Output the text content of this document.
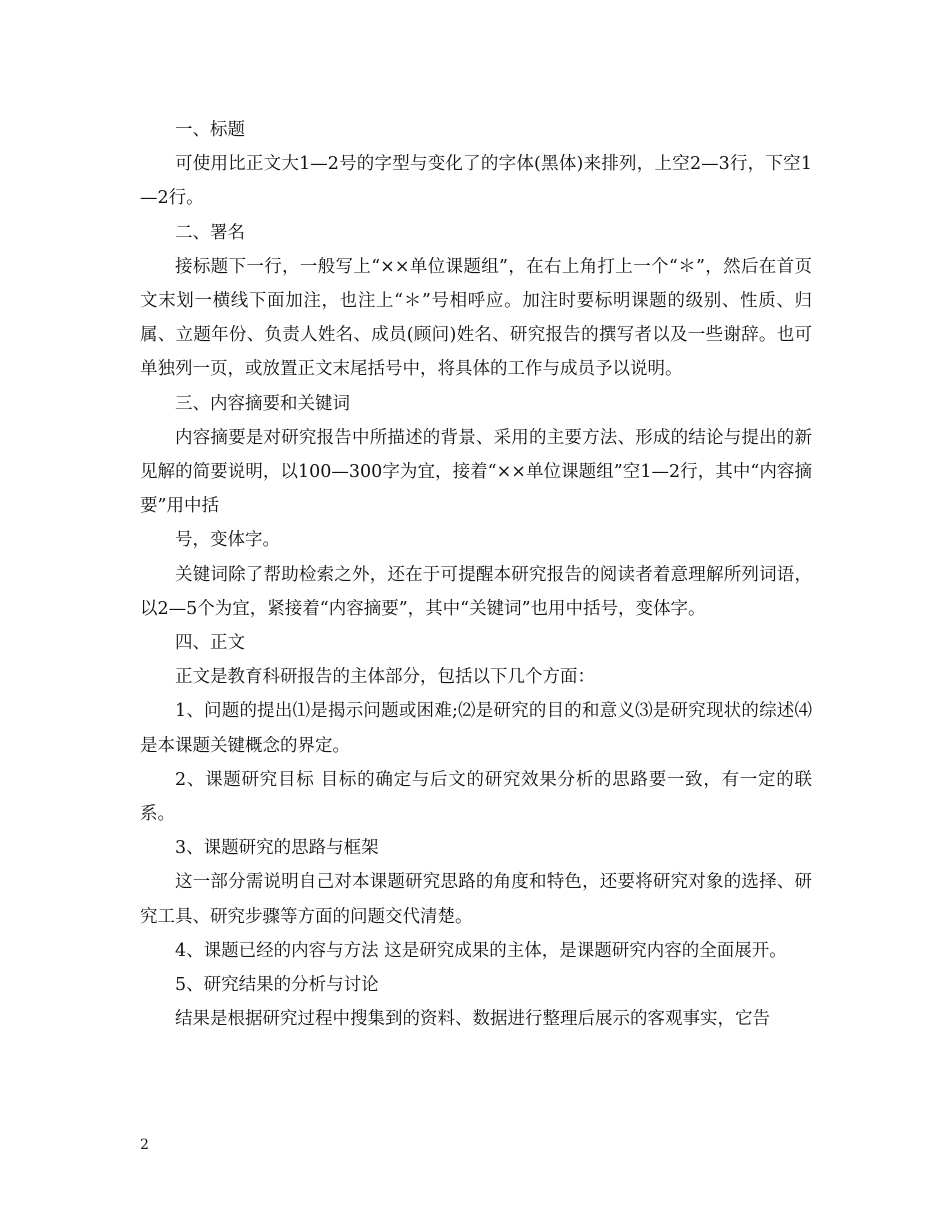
一、标题

可使用比正文大1—2号的字型与变化了的字体(黑体)来排列，上空2—3行，下空1—2行。

二、署名

接标题下一行，一般写上“××单位课题组”，在右上角打上一个“＊”，然后在首页文末划一横线下面加注，也注上“＊”号相呼应。加注时要标明课题的级别、性质、归属、立题年份、负责人姓名、成员(顾问)姓名、研究报告的撰写者以及一些谢辞。也可单独列一页，或放置正文末尾括号中，将具体的工作与成员予以说明。

三、内容摘要和关键词

内容摘要是对研究报告中所描述的背景、采用的主要方法、形成的结论与提出的新见解的简要说明，以100—300字为宜，接着“××单位课题组”空1—2行，其中“内容摘要”用中括

号，变体字。

关键词除了帮助检索之外，还在于可提醒本研究报告的阅读者着意理解所列词语，以2—5个为宜，紧接着“内容摘要”，其中“关键词”也用中括号，变体字。

四、正文

正文是教育科研报告的主体部分，包括以下几个方面：

1、问题的提出⑴是揭示问题或困难;⑵是研究的目的和意义⑶是研究现状的综述⑷是本课题关键概念的界定。

2、课题研究目标 目标的确定与后文的研究效果分析的思路要一致，有一定的联系。

3、课题研究的思路与框架

这一部分需说明自己对本课题研究思路的角度和特色，还要将研究对象的选择、研究工具、研究步骤等方面的问题交代清楚。

4、课题已经的内容与方法 这是研究成果的主体，是课题研究内容的全面展开。

5、研究结果的分析与讨论

结果是根据研究过程中搜集到的资料、数据进行整理后展示的客观事实，它告

2
